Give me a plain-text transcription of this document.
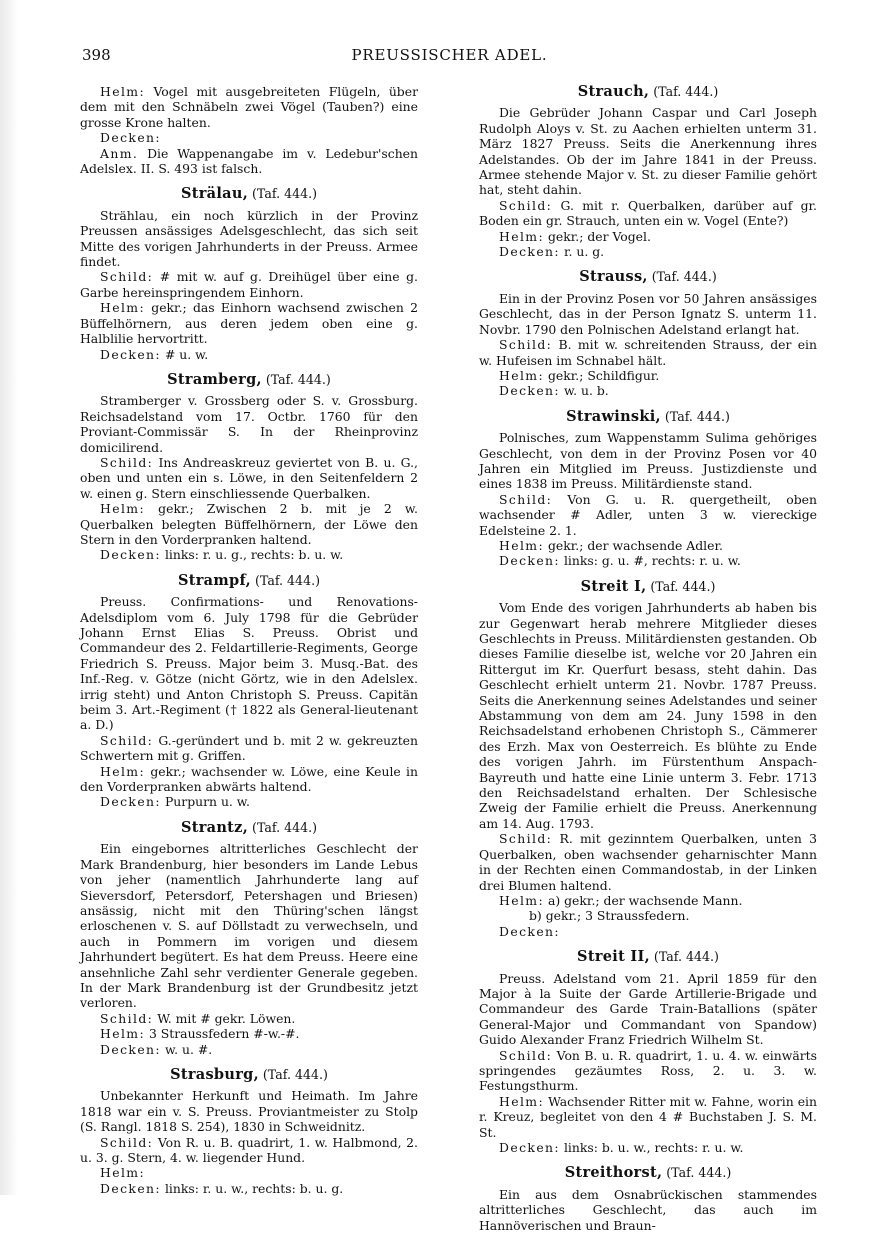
398	PREUSSISCHER ADEL.

Helm: Vogel mit ausgebreiteten Flügeln, über dem mit den Schnäbeln zwei Vögel (Tauben?) eine grosse Krone halten.

Decken:

Anm. Die Wappenangabe im v. Ledebur'schen Adelslex. II. S. 493 ist falsch.

Strälau, (Taf. 444.)

Strählau, ein noch kürzlich in der Provinz Preussen ansässiges Adelsgeschlecht, das sich seit Mitte des vorigen Jahrhunderts in der Preuss. Armee findet.

Schild: # mit w. auf g. Dreihügel über eine g. Garbe hereinspringendem Einhorn.

Helm: gekr.; das Einhorn wachsend zwischen 2 Büffelhörnern, aus deren jedem oben eine g. Halblilie hervortritt.

Decken: # u. w.

Stramberg, (Taf. 444.)

Stramberger v. Grossberg oder S. v. Grossburg. Reichsadelstand vom 17. Octbr. 1760 für den Proviant-Commissär S. In der Rheinprovinz domicilirend.

Schild: Ins Andreaskreuz geviertet von B. u. G., oben und unten ein s. Löwe, in den Seitenfeldern 2 w. einen g. Stern einschliessende Querbalken.

Helm: gekr.; Zwischen 2 b. mit je 2 w. Querbalken belegten Büffelhörnern, der Löwe den Stern in den Vorderpranken haltend.

Decken: links: r. u. g., rechts: b. u. w.

Strampf, (Taf. 444.)

Preuss. Confirmations- und Renovations-Adelsdiplom vom 6. July 1798 für die Gebrüder Johann Ernst Elias S. Preuss. Obrist und Commandeur des 2. Feldartillerie-Regiments, George Friedrich S. Preuss. Major beim 3. Musq.-Bat. des Inf.-Reg. v. Götze (nicht Görtz, wie in den Adelslex. irrig steht) und Anton Christoph S. Preuss. Capitän beim 3. Art.-Regiment († 1822 als General-lieutenant a. D.)

Schild: G.-geründert und b. mit 2 w. gekreuzten Schwertern mit g. Griffen.

Helm: gekr.; wachsender w. Löwe, eine Keule in den Vorderpranken abwärts haltend.

Decken: Purpurn u. w.

Strantz, (Taf. 444.)

Ein eingebornes altritterliches Geschlecht der Mark Brandenburg, hier besonders im Lande Lebus von jeher (namentlich Jahrhunderte lang auf Sieversdorf, Petersdorf, Petershagen und Briesen) ansässig, nicht mit den Thüring'schen längst erloschenen v. S. auf Döllstadt zu verwechseln, und auch in Pommern im vorigen und diesem Jahrhundert begütert. Es hat dem Preuss. Heere eine ansehnliche Zahl sehr verdienter Generale gegeben. In der Mark Brandenburg ist der Grundbesitz jetzt verloren.

Schild: W. mit # gekr. Löwen.

Helm: 3 Straussfedern #-w.-#.

Decken: w. u. #.

Strasburg, (Taf. 444.)

Unbekannter Herkunft und Heimath. Im Jahre 1818 war ein v. S. Preuss. Proviantmeister zu Stolp (S. Rangl. 1818 S. 254), 1830 in Schweidnitz.

Schild: Von R. u. B. quadrirt, 1. w. Halbmond, 2. u. 3. g. Stern, 4. w. liegender Hund.

Helm:

Decken: links: r. u. w., rechts: b. u. g.

Strauch, (Taf. 444.)

Die Gebrüder Johann Caspar und Carl Joseph Rudolph Aloys v. St. zu Aachen erhielten unterm 31. März 1827 Preuss. Seits die Anerkennung ihres Adelstandes. Ob der im Jahre 1841 in der Preuss. Armee stehende Major v. St. zu dieser Familie gehört hat, steht dahin.

Schild: G. mit r. Querbalken, darüber auf gr. Boden ein gr. Strauch, unten ein w. Vogel (Ente?)

Helm: gekr.; der Vogel.

Decken: r. u. g.

Strauss, (Taf. 444.)

Ein in der Provinz Posen vor 50 Jahren ansässiges Geschlecht, das in der Person Ignatz S. unterm 11. Novbr. 1790 den Polnischen Adelstand erlangt hat.

Schild: B. mit w. schreitenden Strauss, der ein w. Hufeisen im Schnabel hält.

Helm: gekr.; Schildfigur.

Decken: w. u. b.

Strawinski, (Taf. 444.)

Polnisches, zum Wappenstamm Sulima gehöriges Geschlecht, von dem in der Provinz Posen vor 40 Jahren ein Mitglied im Preuss. Justizdienste und eines 1838 im Preuss. Militärdienste stand.

Schild: Von G. u. R. quergetheilt, oben wachsender # Adler, unten 3 w. viereckige Edelsteine 2. 1.

Helm: gekr.; der wachsende Adler.

Decken: links: g. u. #, rechts: r. u. w.

Streit I, (Taf. 444.)

Vom Ende des vorigen Jahrhunderts ab haben bis zur Gegenwart herab mehrere Mitglieder dieses Geschlechts in Preuss. Militärdiensten gestanden. Ob dieses Familie dieselbe ist, welche vor 20 Jahren ein Rittergut im Kr. Querfurt besass, steht dahin. Das Geschlecht erhielt unterm 21. Novbr. 1787 Preuss. Seits die Anerkennung seines Adelstandes und seiner Abstammung von dem am 24. Juny 1598 in den Reichsadelstand erhobenen Christoph S., Cämmerer des Erzh. Max von Oesterreich. Es blühte zu Ende des vorigen Jahrh. im Fürstenthum Anspach-Bayreuth und hatte eine Linie unterm 3. Febr. 1713 den Reichsadelstand erhalten. Der Schlesische Zweig der Familie erhielt die Preuss. Anerkennung am 14. Aug. 1793.

Schild: R. mit gezinntem Querbalken, unten 3 Querbalken, oben wachsender geharnischter Mann in der Rechten einen Commandostab, in der Linken drei Blumen haltend.

Helm: a) gekr.; der wachsende Mann.

b) gekr.; 3 Straussfedern.

Decken:

Streit II, (Taf. 444.)

Preuss. Adelstand vom 21. April 1859 für den Major à la Suite der Garde Artillerie-Brigade und Commandeur des Garde Train-Batallions (später General-Major und Commandant von Spandow) Guido Alexander Franz Friedrich Wilhelm St.

Schild: Von B. u. R. quadrirt, 1. u. 4. w. einwärts springendes gezäumtes Ross, 2. u. 3. w. Festungsthurm.

Helm: Wachsender Ritter mit w. Fahne, worin ein r. Kreuz, begleitet von den 4 # Buchstaben J. S. M. St.

Decken: links: b. u. w., rechts: r. u. w.

Streithorst, (Taf. 444.)

Ein aus dem Osnabrückischen stammendes altritterliches Geschlecht, das auch im Hannöverischen und Braun-
